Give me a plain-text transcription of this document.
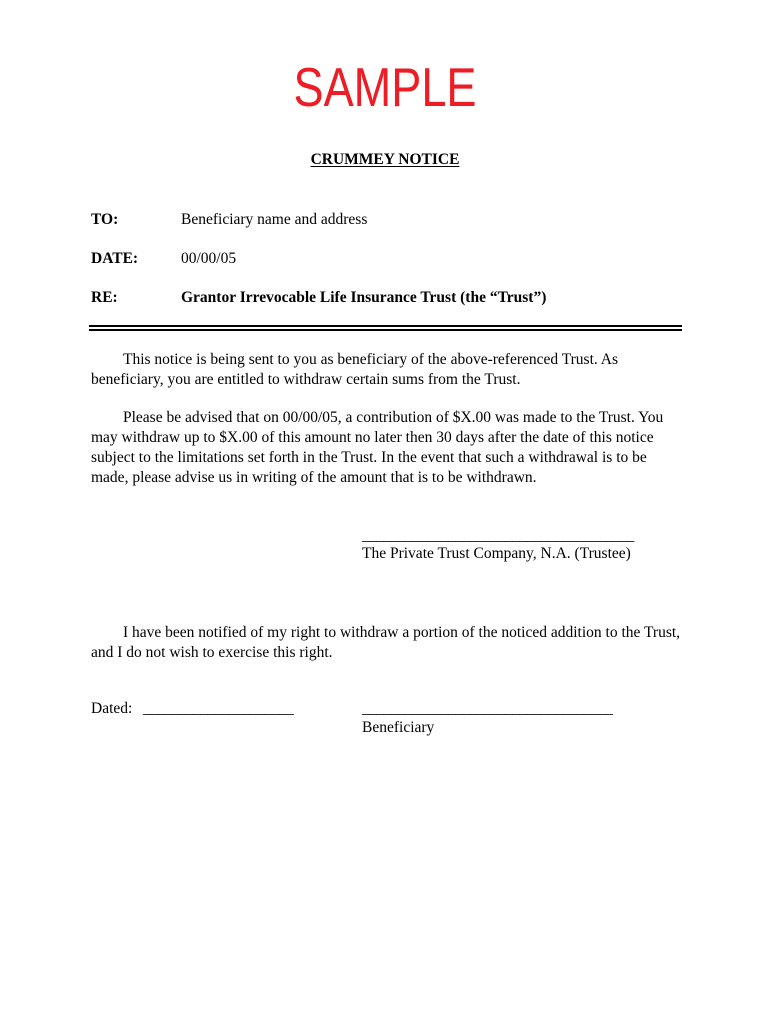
SAMPLE
CRUMMEY NOTICE
TO:	Beneficiary name and address
DATE:	00/00/05
RE:	Grantor Irrevocable Life Insurance Trust (the “Trust”)

This notice is being sent to you as beneficiary of the above-referenced Trust. As beneficiary, you are entitled to withdraw certain sums from the Trust.

Please be advised that on 00/00/05, a contribution of $X.00 was made to the Trust. You may withdraw up to $X.00 of this amount no later then 30 days after the date of this notice subject to the limitations set forth in the Trust. In the event that such a withdrawal is to be made, please advise us in writing of the amount that is to be withdrawn.

______________________________________
The Private Trust Company, N.A. (Trustee)

I have been notified of my right to withdraw a portion of the noticed addition to the Trust, and I do not wish to exercise this right.

Dated: _____________________	___________________________________
Beneficiary
